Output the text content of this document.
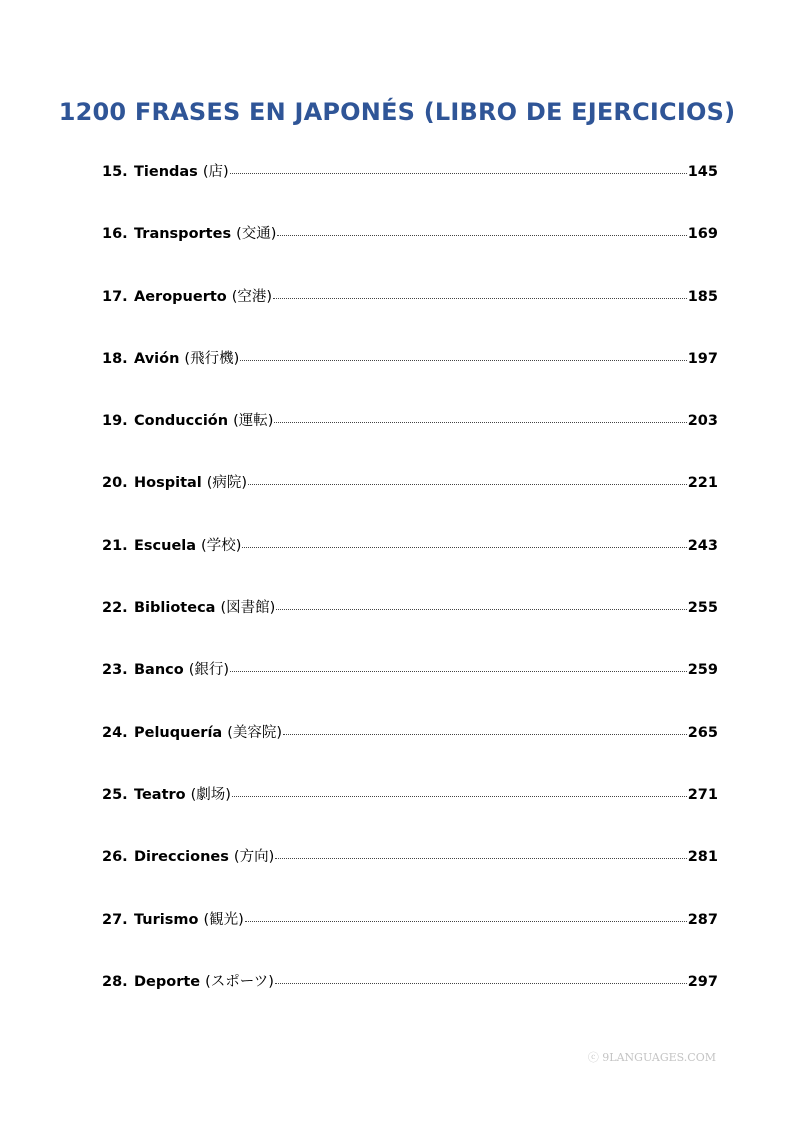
1200 FRASES EN JAPONÉS (LIBRO DE EJERCICIOS)
15. Tiendas (店)	145
16. Transportes (交通)	169
17. Aeropuerto (空港)	185
18. Avión (飛行機)	197
19. Conducción (運転)	203
20. Hospital (病院)	221
21. Escuela (学校)	243
22. Biblioteca (図書館)	255
23. Banco (銀行)	259
24. Peluquería (美容院)	265
25. Teatro (劇场)	271
26. Direcciones (方向)	281
27. Turismo (観光)	287
28. Deporte (スポーツ)	297
ⓒ 9LANGUAGES.COM
